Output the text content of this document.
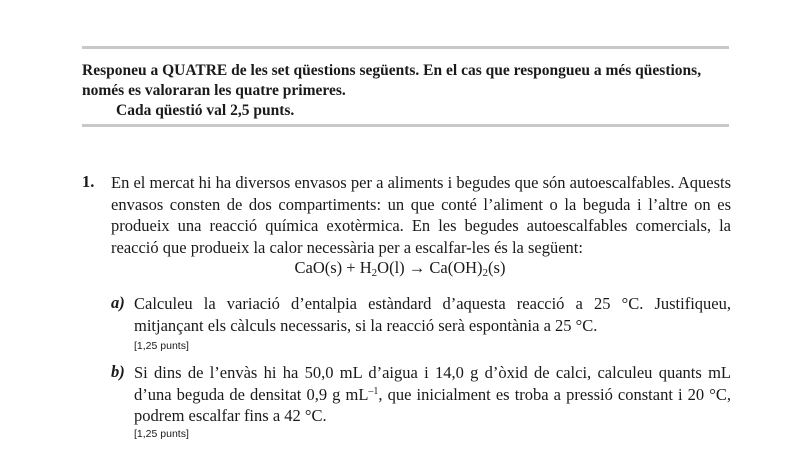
Responeu a QUATRE de les set qüestions següents. En el cas que respongueu a més qüestions, només es valoraran les quatre primeres.
Cada qüestió val 2,5 punts.
1. En el mercat hi ha diversos envasos per a aliments i begudes que són autoescalfables. Aquests envasos consten de dos compartiments: un que conté l’aliment o la beguda i l’altre on es produeix una reacció química exotèrmica. En les begudes autoescalfables comercials, la reacció que produeix la calor necessària per a escalfar-les és la següent:
$CaO(s) + H_2O(l) \to Ca(OH)_2(s)$
a) Calculeu la variació d’entalpia estàndard d’aquesta reacció a 25 °C. Justifiqueu, mitjançant els càlculs necessaris, si la reacció serà espontània a 25 °C.
[1,25 punts]
b) Si dins de l’envàs hi ha 50,0 mL d’aigua i 14,0 g d’òxid de calci, calculeu quants mL d’una beguda de densitat 0,9 g $mL^{-1}$, que inicialment es troba a pressió constant i 20 °C, podrem escalfar fins a 42 °C.
[1,25 punts]
